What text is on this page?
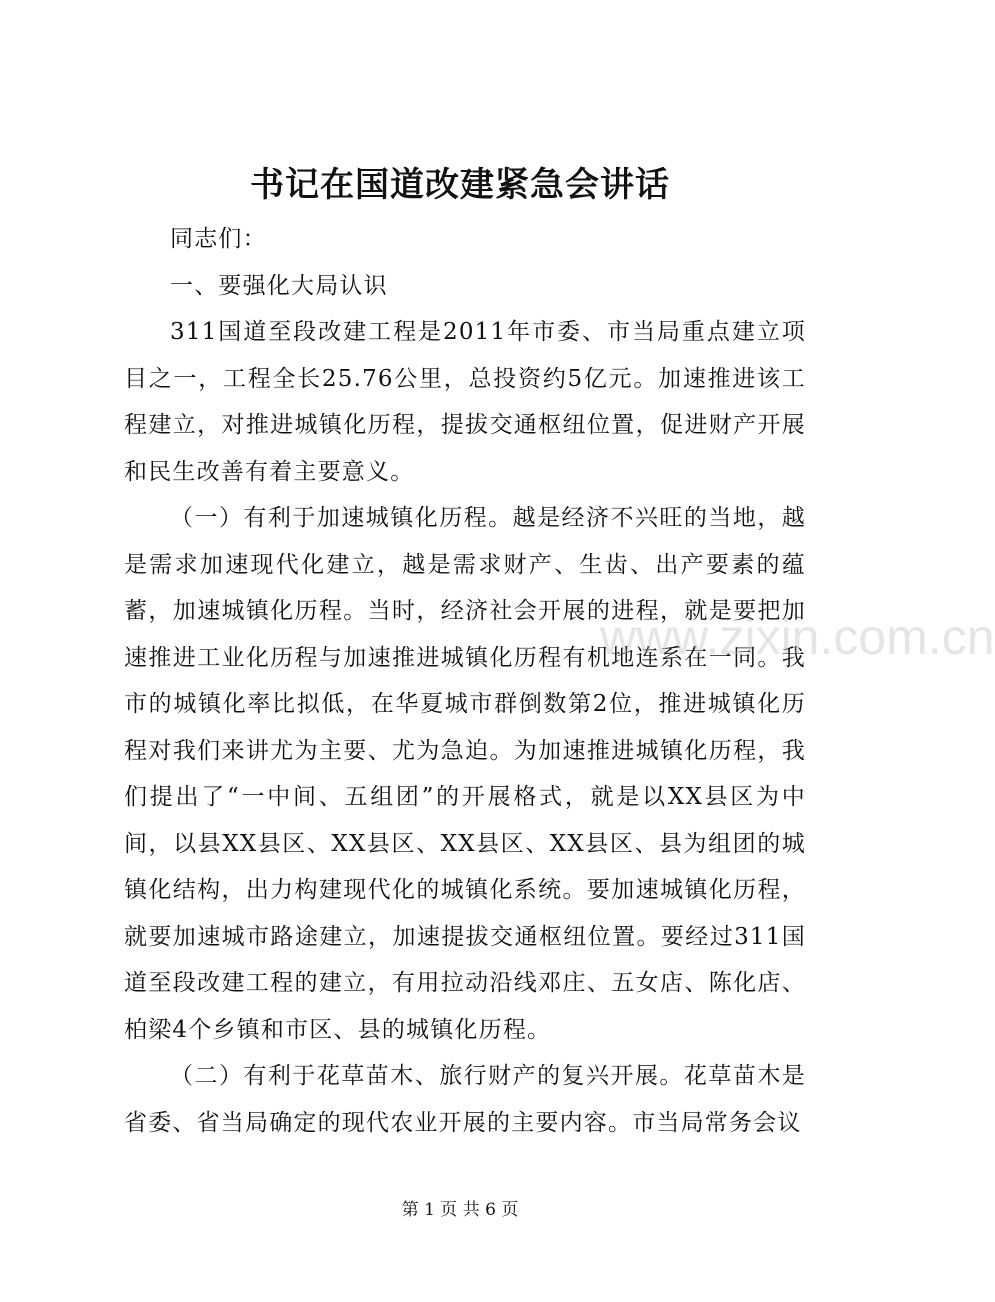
书记在国道改建紧急会讲话

同志们：

一、要强化大局认识

311国道至段改建工程是2011年市委、市当局重点建立项目之一，工程全长25.76公里，总投资约5亿元。加速推进该工程建立，对推进城镇化历程，提拔交通枢纽位置，促进财产开展和民生改善有着主要意义。

（一）有利于加速城镇化历程。越是经济不兴旺的当地，越是需求加速现代化建立，越是需求财产、生齿、出产要素的蕴蓄，加速城镇化历程。当时，经济社会开展的进程，就是要把加速推进工业化历程与加速推进城镇化历程有机地连系在一同。我市的城镇化率比拟低，在华夏城市群倒数第2位，推进城镇化历程对我们来讲尤为主要、尤为急迫。为加速推进城镇化历程，我们提出了“一中间、五组团”的开展格式，就是以XX县区为中间，以县XX县区、XX县区、XX县区、XX县区、县为组团的城镇化结构，出力构建现代化的城镇化系统。要加速城镇化历程，就要加速城市路途建立，加速提拔交通枢纽位置。要经过311国道至段改建工程的建立，有用拉动沿线邓庄、五女店、陈化店、柏梁4个乡镇和市区、县的城镇化历程。

（二）有利于花草苗木、旅行财产的复兴开展。花草苗木是省委、省当局确定的现代农业开展的主要内容。市当局常务会议

www.zixin.com.cn
第 1 页 共 6 页
